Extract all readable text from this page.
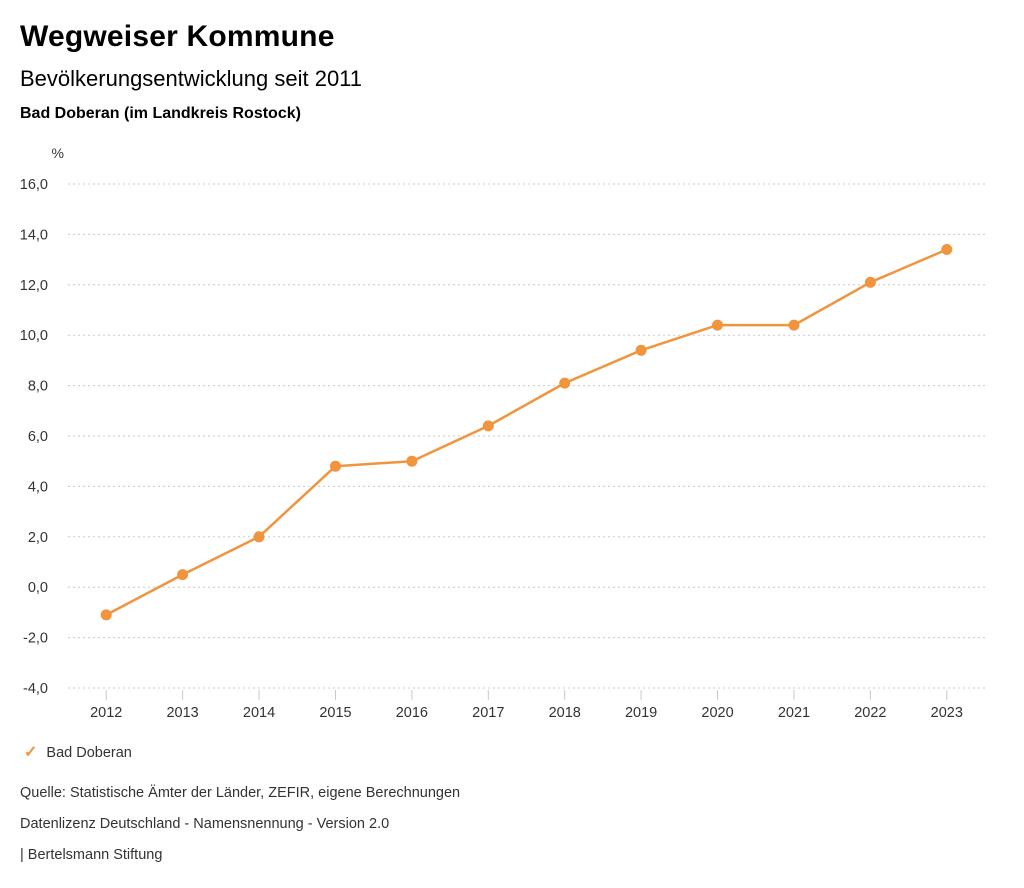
Wegweiser Kommune
Bevölkerungsentwicklung seit 2011
Bad Doberan (im Landkreis Rostock)
%
-4,0
-2,0
0,0
2,0
4,0
6,0
8,0
10,0
12,0
14,0
16,0
2012	2013	2014	2015	2016	2017	2018	2019	2020	2021	2022	2023
✓ Bad Doberan
Quelle: Statistische Ämter der Länder, ZEFIR, eigene Berechnungen
Datenlizenz Deutschland - Namensnennung - Version 2.0
| Bertelsmann Stiftung
